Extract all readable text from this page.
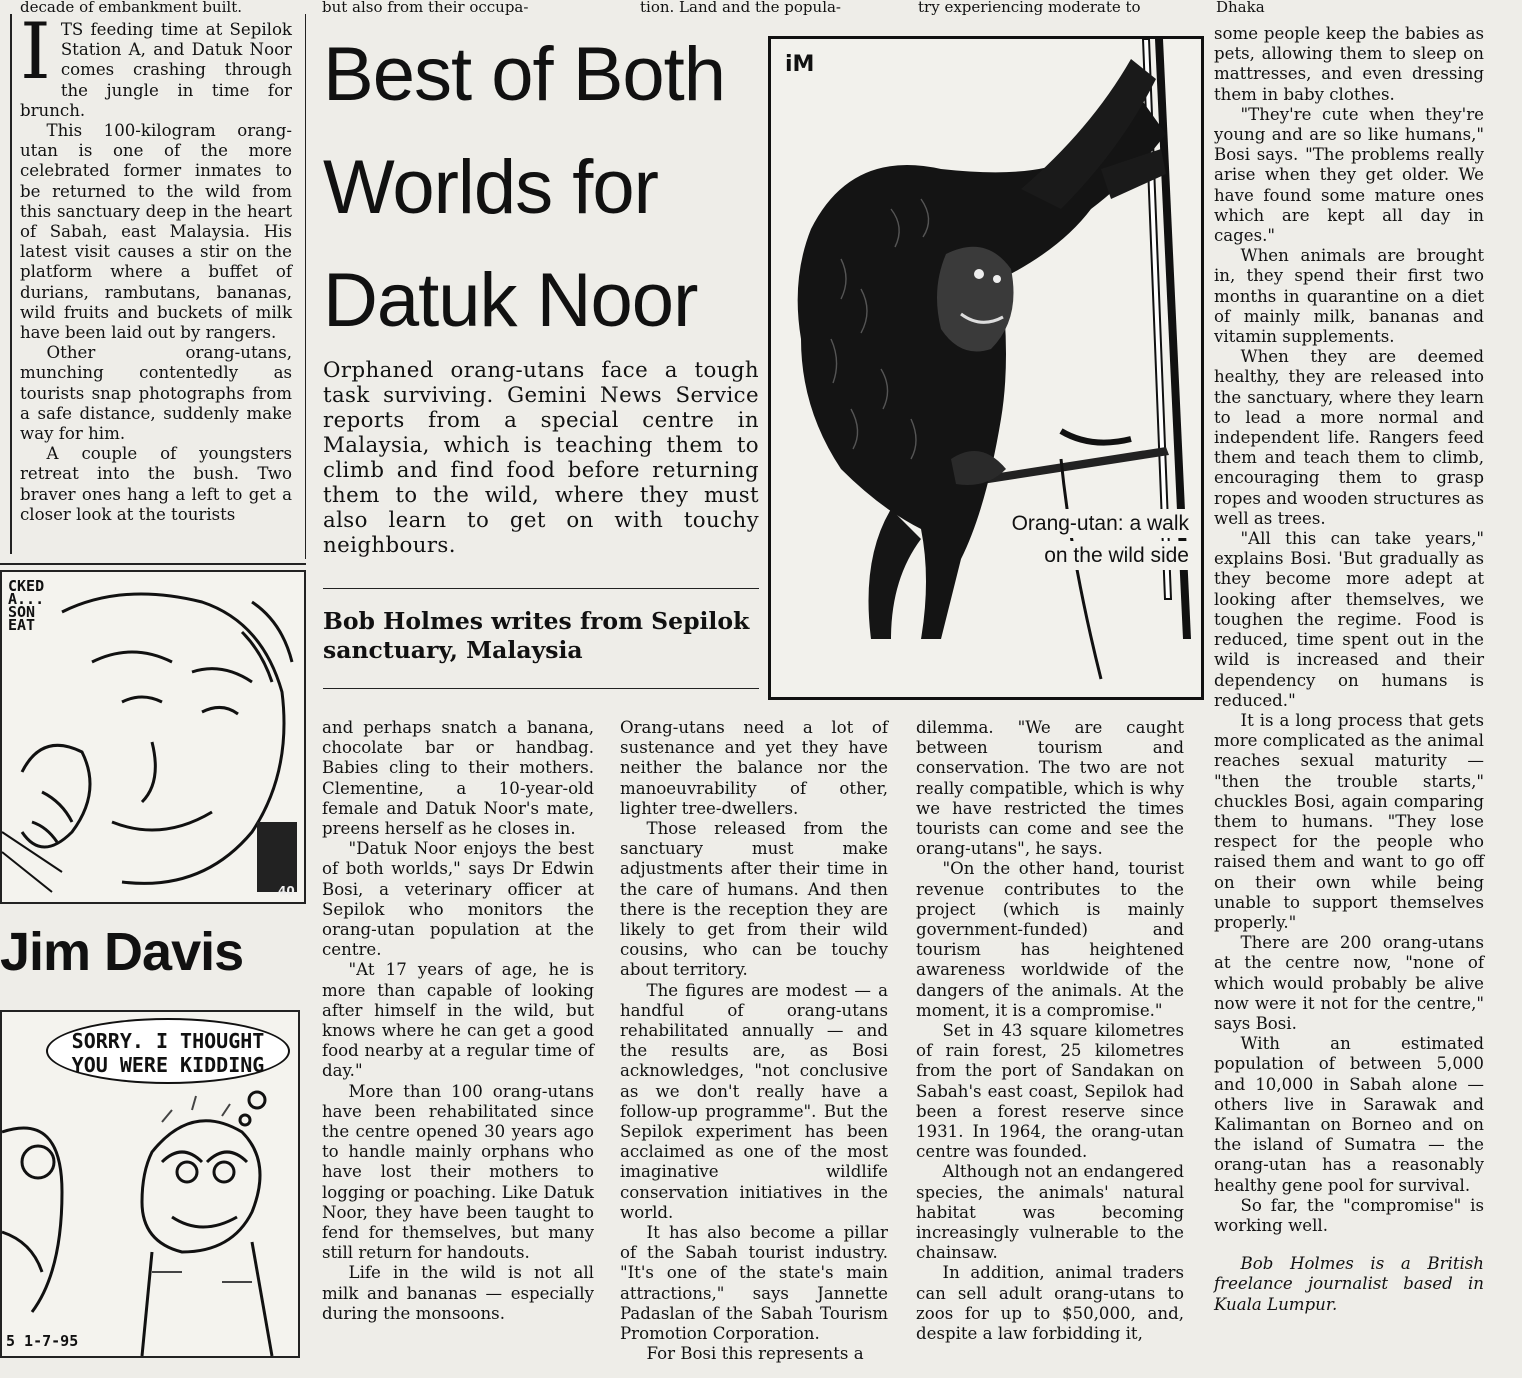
decade of embankment built.	but also from their occupa-	tion. Land and the popula-	try experiencing moderate to	Dhaka
I TS feeding time at Sepilok Station A, and Datuk Noor comes crashing through the jungle in time for brunch.

This 100-kilogram orang-utan is one of the more celebrated former inmates to be returned to the wild from this sanctuary deep in the heart of Sabah, east Malaysia. His latest visit causes a stir on the platform where a buffet of durians, rambutans, bananas, wild fruits and buckets of milk have been laid out by rangers.

Other orang-utans, munching contentedly as tourists snap photographs from a safe distance, suddenly make way for him.

A couple of youngsters retreat into the bush. Two braver ones hang a left to get a closer look at the tourists

Best of Both
Worlds for
Datuk Noor
Orphaned orang-utans face a tough task surviving. Gemini News Service reports from a special centre in Malaysia, which is teaching them to climb and find food before returning them to the wild, where they must also learn to get on with touchy neighbours.
Bob Holmes writes from Sepilok sanctuary, Malaysia
iM
Orang-utan: a walk
on the wild side
CKED
A...
SON
EAT
40
Jim Davis
5 1-7-95
SORRY. I THOUGHT
YOU WERE KIDDING

and perhaps snatch a banana, chocolate bar or handbag. Babies cling to their mothers. Clementine, a 10-year-old female and Datuk Noor's mate, preens herself as he closes in.

"Datuk Noor enjoys the best of both worlds," says Dr Edwin Bosi, a veterinary officer at Sepilok who monitors the orang-utan population at the centre.

"At 17 years of age, he is more than capable of looking after himself in the wild, but knows where he can get a good food nearby at a regular time of day."

More than 100 orang-utans have been rehabilitated since the centre opened 30 years ago to handle mainly orphans who have lost their mothers to logging or poaching. Like Datuk Noor, they have been taught to fend for themselves, but many still return for handouts.

Life in the wild is not all milk and bananas — especially during the monsoons.

Orang-utans need a lot of sustenance and yet they have neither the balance nor the manoeuvrability of other, lighter tree-dwellers.

Those released from the sanctuary must make adjustments after their time in the care of humans. And then there is the reception they are likely to get from their wild cousins, who can be touchy about territory.

The figures are modest — a handful of orang-utans rehabilitated annually — and the results are, as Bosi acknowledges, "not conclusive as we don't really have a follow-up programme". But the Sepilok experiment has been acclaimed as one of the most imaginative wildlife conservation initiatives in the world.

It has also become a pillar of the Sabah tourist industry. "It's one of the state's main attractions," says Jannette Padaslan of the Sabah Tourism Promotion Corporation.

For Bosi this represents a

dilemma. "We are caught between tourism and conservation. The two are not really compatible, which is why we have restricted the times tourists can come and see the orang-utans", he says.

"On the other hand, tourist revenue contributes to the project (which is mainly government-funded) and tourism has heightened awareness worldwide of the dangers of the animals. At the moment, it is a compromise."

Set in 43 square kilometres of rain forest, 25 kilometres from the port of Sandakan on Sabah's east coast, Sepilok had been a forest reserve since 1931. In 1964, the orang-utan centre was founded.

Although not an endangered species, the animals' natural habitat was becoming increasingly vulnerable to the chainsaw.

In addition, animal traders can sell adult orang-utans to zoos for up to $50,000, and, despite a law forbidding it,

some people keep the babies as pets, allowing them to sleep on mattresses, and even dressing them in baby clothes.

"They're cute when they're young and are so like humans," Bosi says. "The problems really arise when they get older. We have found some mature ones which are kept all day in cages."

When animals are brought in, they spend their first two months in quarantine on a diet of mainly milk, bananas and vitamin supplements.

When they are deemed healthy, they are released into the sanctuary, where they learn to lead a more normal and independent life. Rangers feed them and teach them to climb, encouraging them to grasp ropes and wooden structures as well as trees.

"All this can take years," explains Bosi. 'But gradually as they become more adept at looking after themselves, we toughen the regime. Food is reduced, time spent out in the wild is increased and their dependency on humans is reduced."

It is a long process that gets more complicated as the animal reaches sexual maturity — "then the trouble starts," chuckles Bosi, again comparing them to humans. "They lose respect for the people who raised them and want to go off on their own while being unable to support themselves properly."

There are 200 orang-utans at the centre now, "none of which would probably be alive now were it not for the centre," says Bosi.

With an estimated population of between 5,000 and 10,000 in Sabah alone — others live in Sarawak and Kalimantan on Borneo and on the island of Sumatra — the orang-utan has a reasonably healthy gene pool for survival.

So far, the "compromise" is working well.

Bob Holmes is a British freelance journalist based in Kuala Lumpur.
